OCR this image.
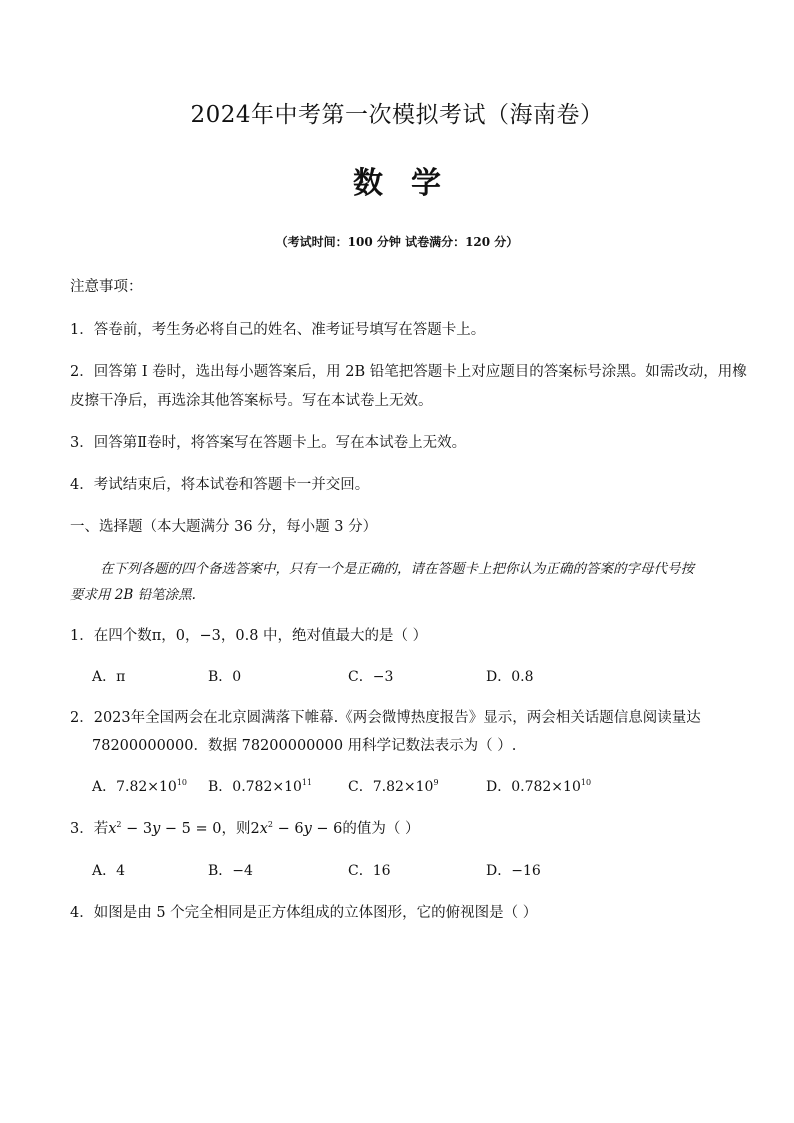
2024年中考第一次模拟考试（海南卷）
数学
（考试时间：100 分钟 试卷满分：120 分）
注意事项：
1．答卷前，考生务必将自己的姓名、准考证号填写在答题卡上。
2．回答第 I 卷时，选出每小题答案后，用 2B 铅笔把答题卡上对应题目的答案标号涂黑。如需改动，用橡
皮擦干净后，再选涂其他答案标号。写在本试卷上无效。
3．回答第Ⅱ卷时，将答案写在答题卡上。写在本试卷上无效。
4．考试结束后，将本试卷和答题卡一并交回。
一、选择题（本大题满分 36 分，每小题 3 分）
在下列各题的四个备选答案中，只有一个是正确的，请在答题卡上把你认为正确的答案的字母代号按
要求用 2B 铅笔涂黑.
1．在四个数π，0，−3，0.8 中，绝对值最大的是（ ）
A．π	B．0	C．−3	D．0.8
2．2023年全国两会在北京圆满落下帷幕.《两会微博热度报告》显示，两会相关话题信息阅读量达
78200000000．数据 78200000000 用科学记数法表示为（ ）.
A．$7.82\times 10^{10}$ B．$0.782\times 10^{11}$	C．$7.82\times 10^9$	D．$0.782\times 10^{10}$
3．若$x^2 - 3y - 5 = 0$，则$2x^2 - 6y - 6$的值为（ ）
A．4	B．−4	C．16	D．−16
4．如图是由 5 个完全相同是正方体组成的立体图形，它的俯视图是（ ）
